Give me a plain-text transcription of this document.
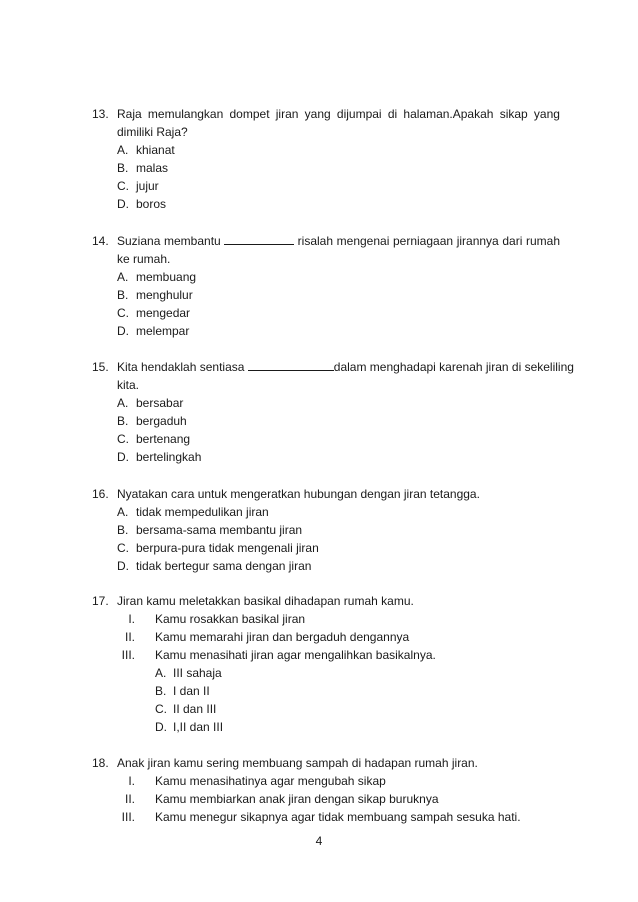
13. Raja memulangkan dompet jiran yang dijumpai di halaman.Apakah sikap yang
dimiliki Raja?
A. khianat
B. malas
C. jujur
D. boros
14. Suziana membantu	risalah mengenai perniagaan jirannya dari rumah
ke rumah.
A. membuang
B. menghulur
C. mengedar
D. melempar
15. Kita hendaklah sentiasa	dalam menghadapi karenah jiran di sekeliling
kita.
A. bersabar
B. bergaduh
C. bertenang
D. bertelingkah
16. Nyatakan cara untuk mengeratkan hubungan dengan jiran tetangga.
A. tidak mempedulikan jiran
B. bersama-sama membantu jiran
C. berpura-pura tidak mengenali jiran
D. tidak bertegur sama dengan jiran
17. Jiran kamu meletakkan basikal dihadapan rumah kamu.
I. Kamu rosakkan basikal jiran
II. Kamu memarahi jiran dan bergaduh dengannya
III. Kamu menasihati jiran agar mengalihkan basikalnya.
A. III sahaja
B. I dan II
C. II dan III
D. I,II dan III
18. Anak jiran kamu sering membuang sampah di hadapan rumah jiran.
I. Kamu menasihatinya agar mengubah sikap
II. Kamu membiarkan anak jiran dengan sikap buruknya
III. Kamu menegur sikapnya agar tidak membuang sampah sesuka hati.
4
